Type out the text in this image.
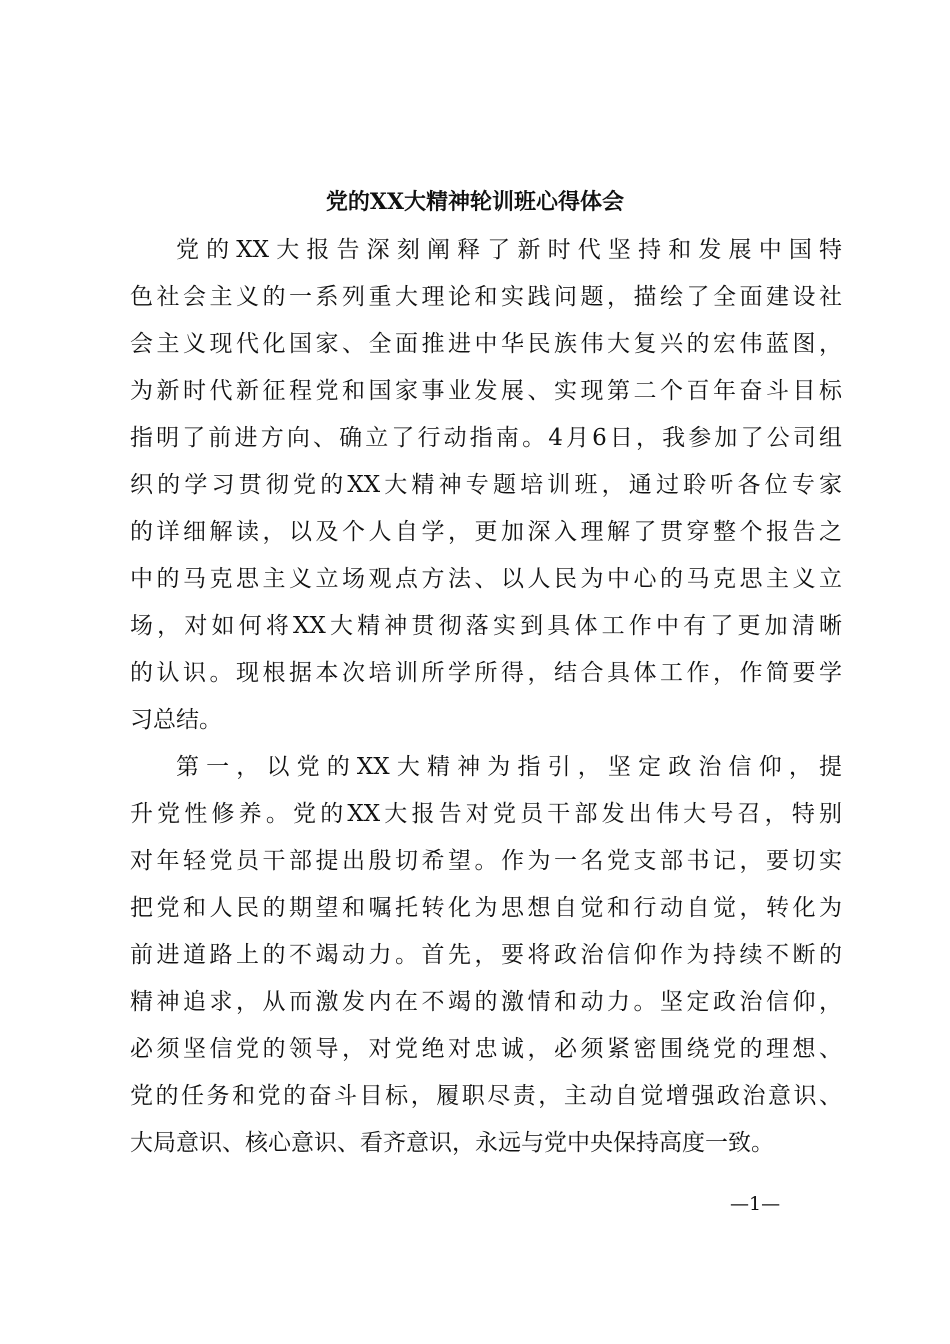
党的XX大精神轮训班心得体会
党的XX大报告深刻阐释了新时代坚持和发展中国特
色社会主义的一系列重大理论和实践问题，描绘了全面建设社
会主义现代化国家、全面推进中华民族伟大复兴的宏伟蓝图，
为新时代新征程党和国家事业发展、实现第二个百年奋斗目标
指明了前进方向、确立了行动指南。4月6日，我参加了公司组
织的学习贯彻党的XX大精神专题培训班，通过聆听各位专家
的详细解读，以及个人自学，更加深入理解了贯穿整个报告之
中的马克思主义立场观点方法、以人民为中心的马克思主义立
场，对如何将XX大精神贯彻落实到具体工作中有了更加清晰
的认识。现根据本次培训所学所得，结合具体工作，作简要学
习总结。
第一，以党的XX大精神为指引，坚定政治信仰，提
升党性修养。党的XX大报告对党员干部发出伟大号召，特别
对年轻党员干部提出殷切希望。作为一名党支部书记，要切实
把党和人民的期望和嘱托转化为思想自觉和行动自觉，转化为
前进道路上的不竭动力。首先，要将政治信仰作为持续不断的
精神追求，从而激发内在不竭的激情和动力。坚定政治信仰，
必须坚信党的领导，对党绝对忠诚，必须紧密围绕党的理想、
党的任务和党的奋斗目标，履职尽责，主动自觉增强政治意识、
大局意识、核心意识、看齐意识，永远与党中央保持高度一致。
—1—
